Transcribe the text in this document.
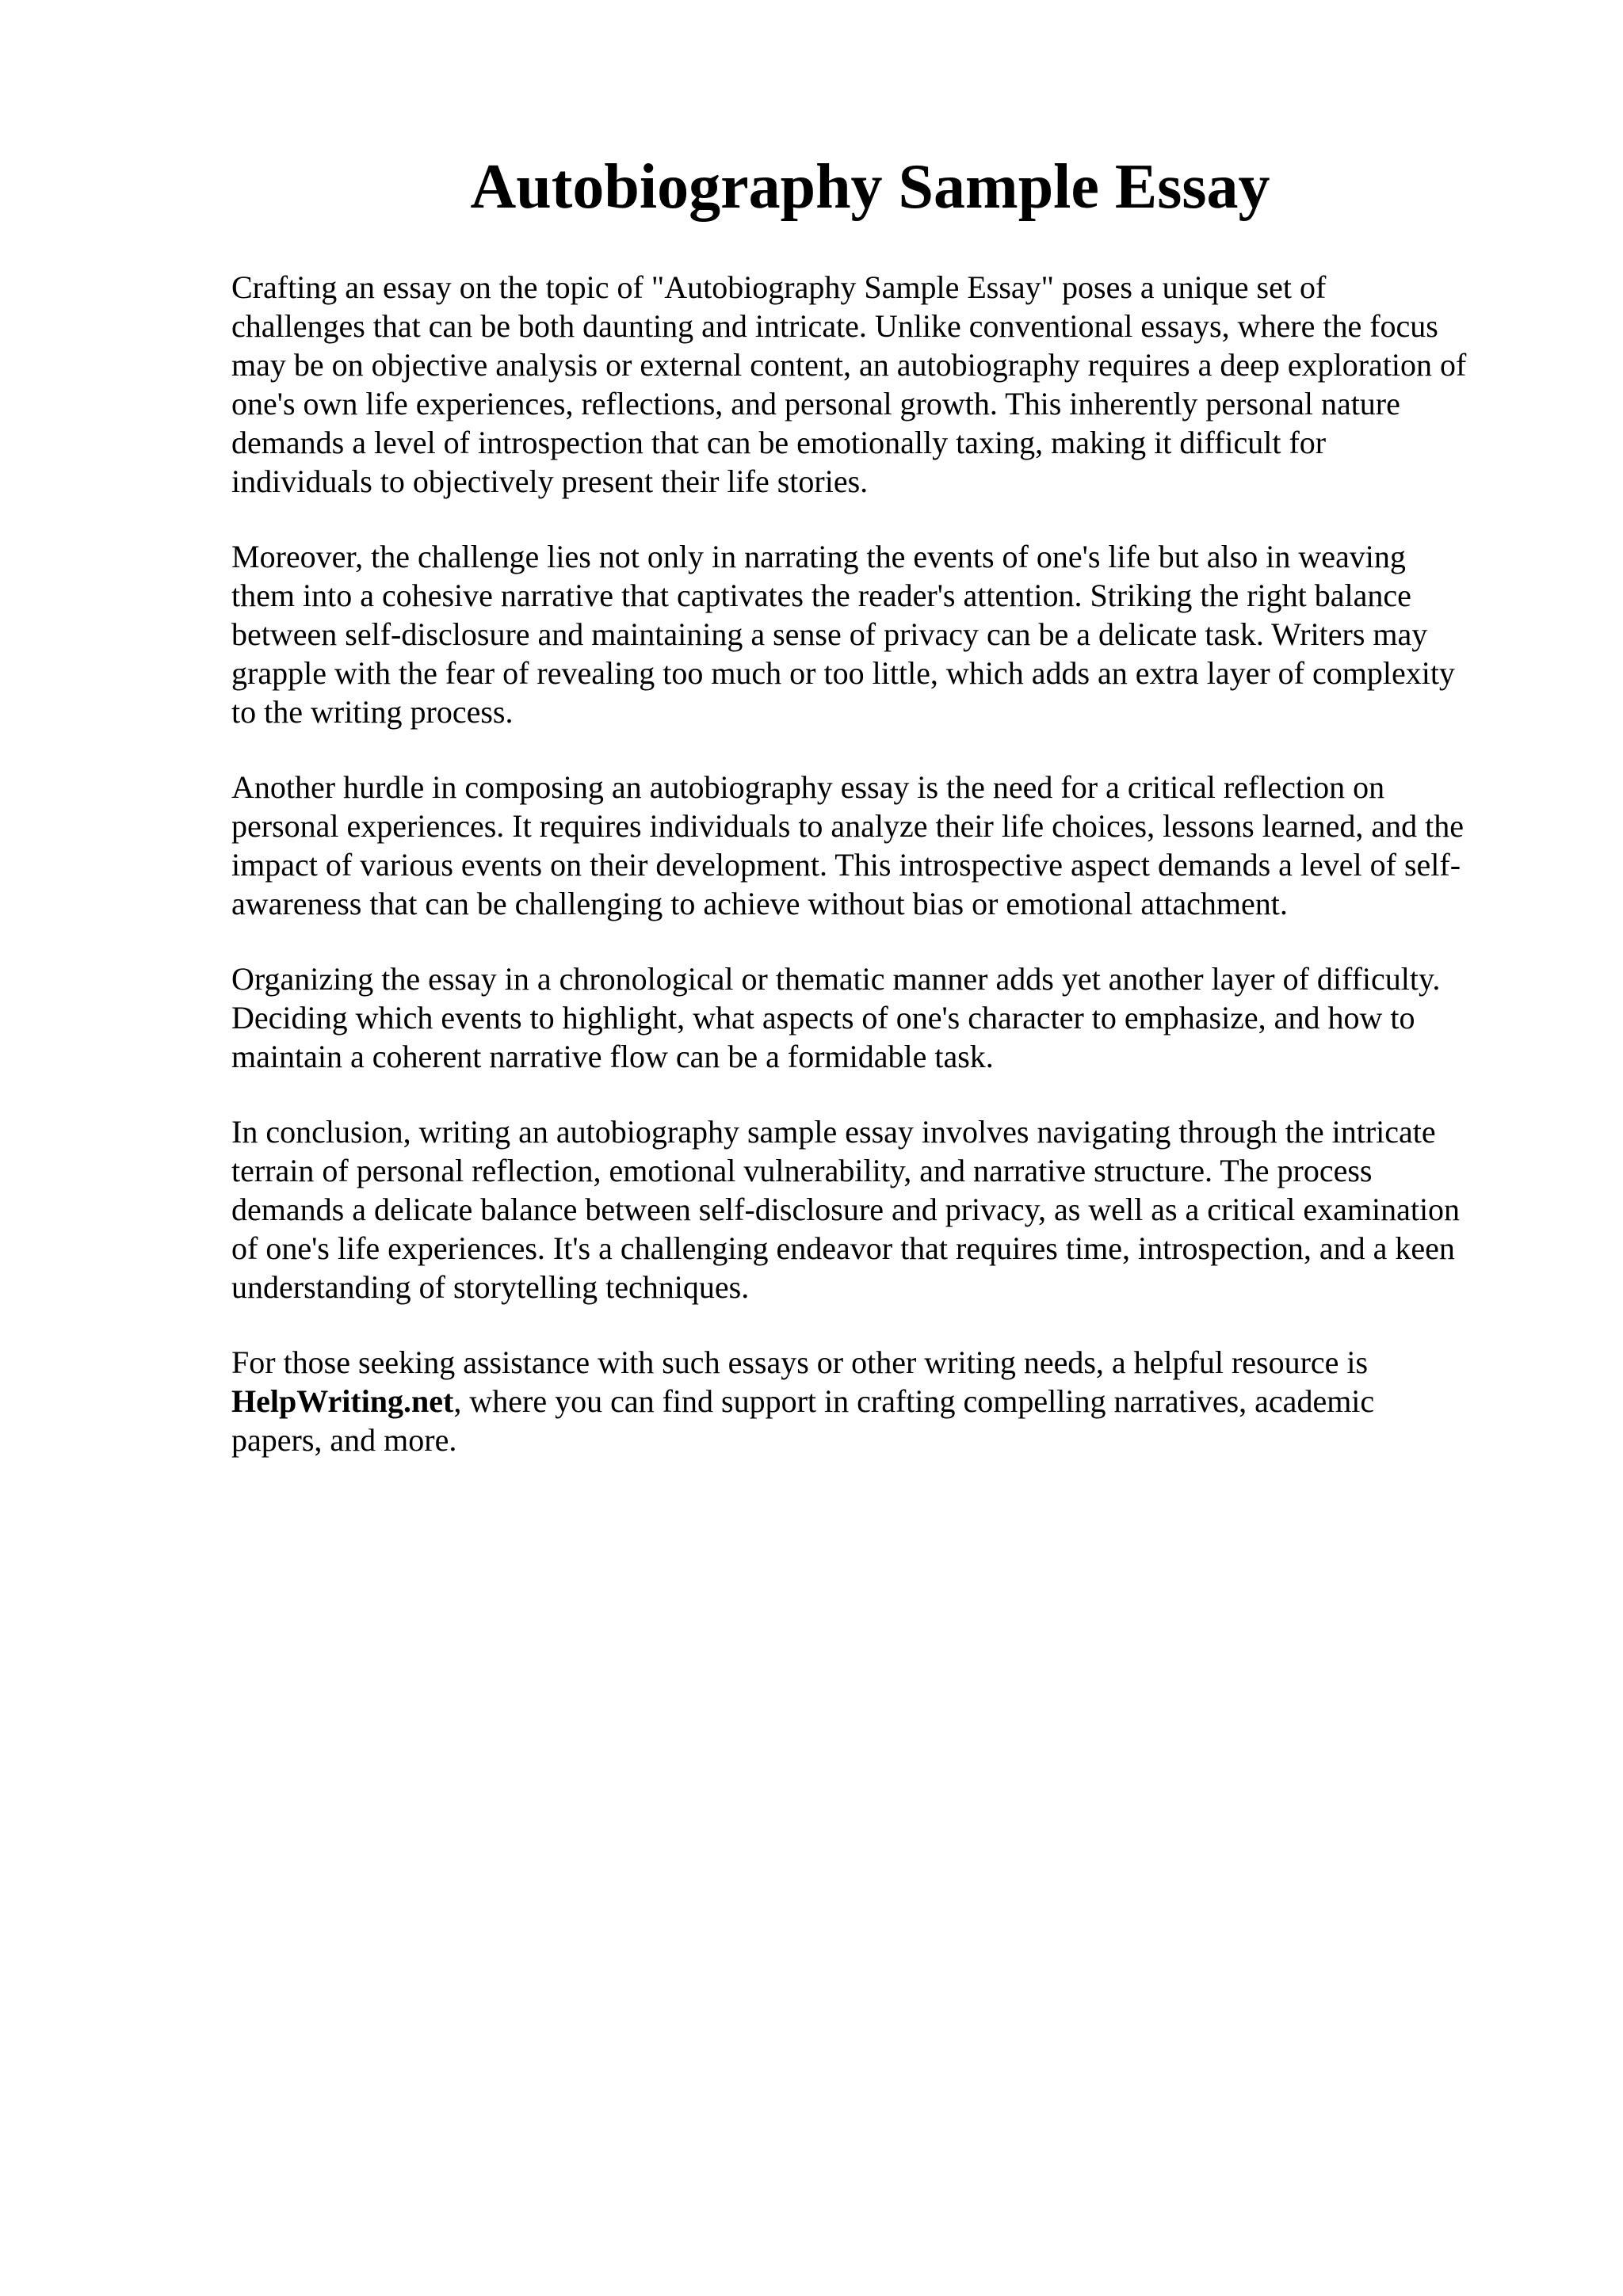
Autobiography Sample Essay

Crafting an essay on the topic of "Autobiography Sample Essay" poses a unique set of
challenges that can be both daunting and intricate. Unlike conventional essays, where the focus
may be on objective analysis or external content, an autobiography requires a deep exploration of
one's own life experiences, reflections, and personal growth. This inherently personal nature
demands a level of introspection that can be emotionally taxing, making it difficult for
individuals to objectively present their life stories.

Moreover, the challenge lies not only in narrating the events of one's life but also in weaving
them into a cohesive narrative that captivates the reader's attention. Striking the right balance
between self-disclosure and maintaining a sense of privacy can be a delicate task. Writers may
grapple with the fear of revealing too much or too little, which adds an extra layer of complexity
to the writing process.

Another hurdle in composing an autobiography essay is the need for a critical reflection on
personal experiences. It requires individuals to analyze their life choices, lessons learned, and the
impact of various events on their development. This introspective aspect demands a level of self-
awareness that can be challenging to achieve without bias or emotional attachment.

Organizing the essay in a chronological or thematic manner adds yet another layer of difficulty.
Deciding which events to highlight, what aspects of one's character to emphasize, and how to
maintain a coherent narrative flow can be a formidable task.

In conclusion, writing an autobiography sample essay involves navigating through the intricate
terrain of personal reflection, emotional vulnerability, and narrative structure. The process
demands a delicate balance between self-disclosure and privacy, as well as a critical examination
of one's life experiences. It's a challenging endeavor that requires time, introspection, and a keen
understanding of storytelling techniques.

For those seeking assistance with such essays or other writing needs, a helpful resource is
HelpWriting.net, where you can find support in crafting compelling narratives, academic
papers, and more.
